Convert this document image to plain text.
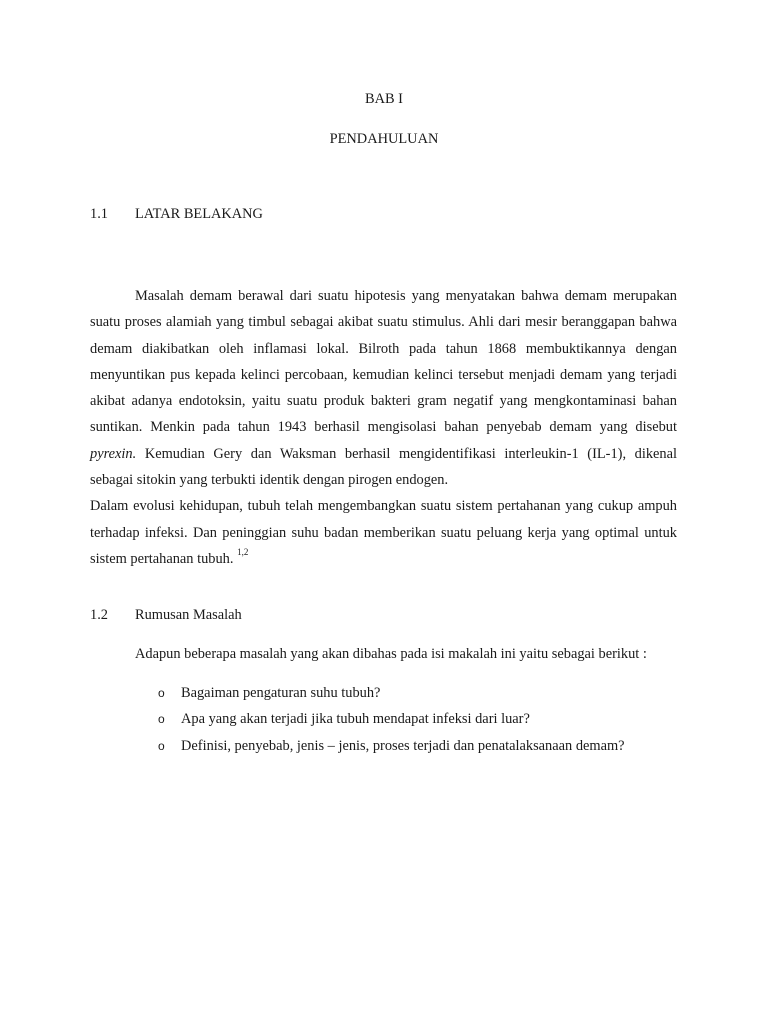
BAB I
PENDAHULUAN
1.1 LATAR BELAKANG

Masalah demam berawal dari suatu hipotesis yang menyatakan bahwa demam merupakan suatu proses alamiah yang timbul sebagai akibat suatu stimulus. Ahli dari mesir beranggapan bahwa demam diakibatkan oleh inflamasi lokal. Bilroth pada tahun 1868 membuktikannya dengan menyuntikan pus kepada kelinci percobaan, kemudian kelinci tersebut menjadi demam yang terjadi akibat adanya endotoksin, yaitu suatu produk bakteri gram negatif yang mengkontaminasi bahan suntikan. Menkin pada tahun 1943 berhasil mengisolasi bahan penyebab demam yang disebut pyrexin. Kemudian Gery dan Waksman berhasil mengidentifikasi interleukin-1 (IL-1), dikenal sebagai sitokin yang terbukti identik dengan pirogen endogen.

Dalam evolusi kehidupan, tubuh telah mengembangkan suatu sistem pertahanan yang cukup ampuh terhadap infeksi. Dan peninggian suhu badan memberikan suatu peluang kerja yang optimal untuk sistem pertahanan tubuh. $^{1,2}$

1.2 Rumusan Masalah
Adapun beberapa masalah yang akan dibahas pada isi makalah ini yaitu sebagai berikut :
o Bagaiman pengaturan suhu tubuh?
o Apa yang akan terjadi jika tubuh mendapat infeksi dari luar?
o Definisi, penyebab, jenis – jenis, proses terjadi dan penatalaksanaan demam?
